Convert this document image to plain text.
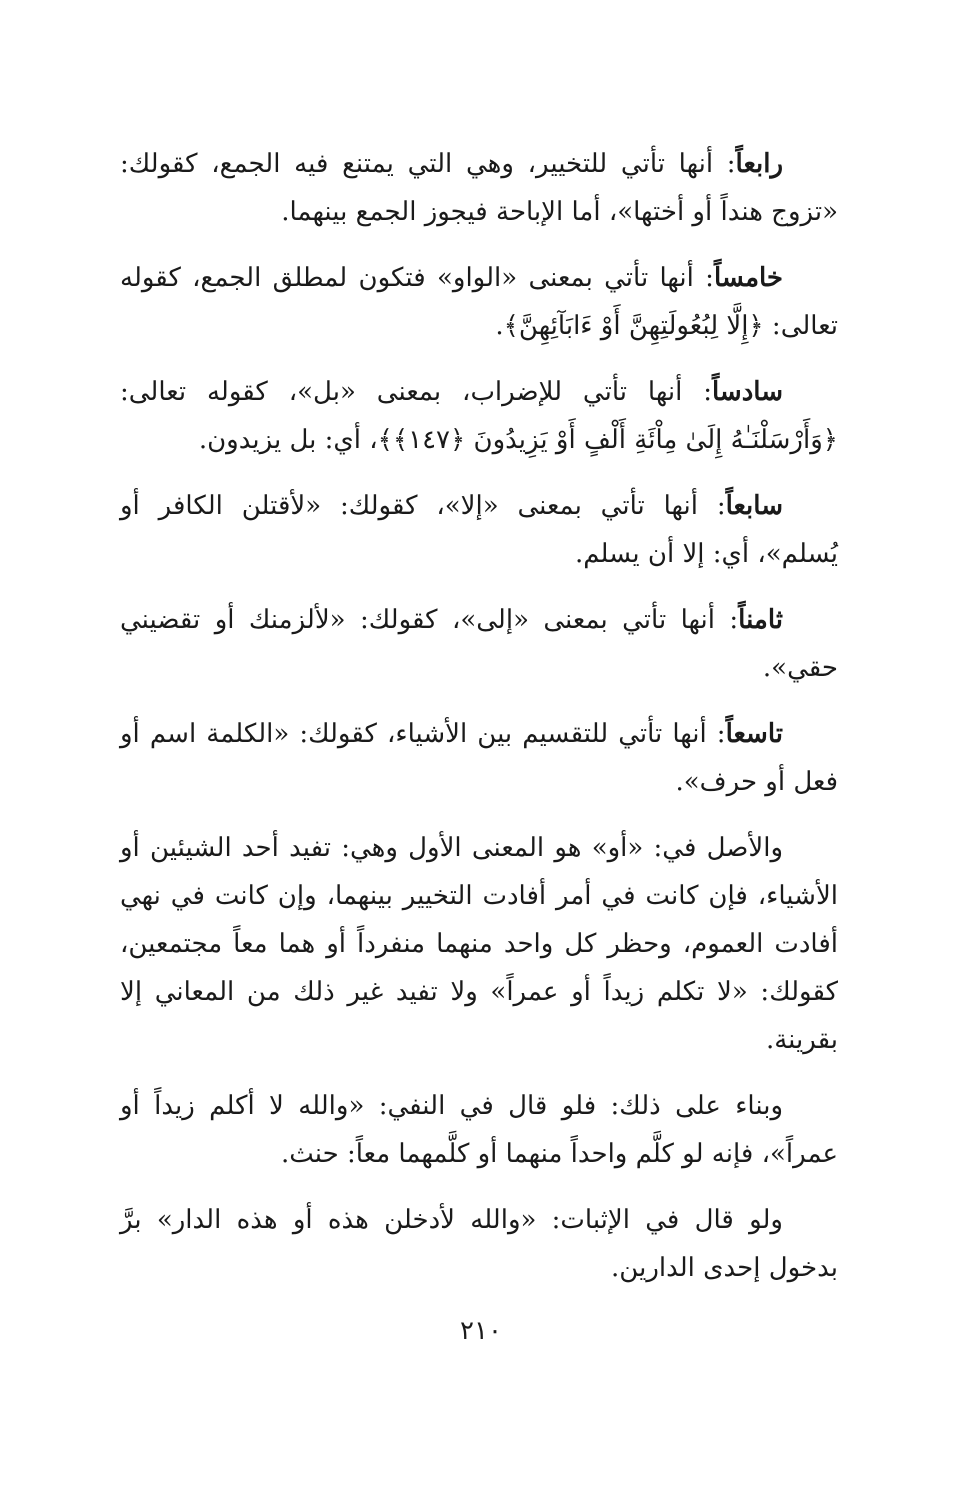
رابعاً: أنها تأتي للتخيير، وهي التي يمتنع فيه الجمع، كقولك: «تزوج هنداً أو أختها»، أما الإباحة فيجوز الجمع بينهما.

خامساً: أنها تأتي بمعنى «الواو» فتكون لمطلق الجمع، كقوله تعالى: ﴿إِلَّا لِبُعُولَتِهِنَّ أَوْ ءَابَآئِهِنَّ﴾.

سادساً: أنها تأتي للإضراب، بمعنى «بل»، كقوله تعالى: ﴿وَأَرْسَلْنَـٰهُ إِلَىٰ مِاْئَةِ أَلْفٍ أَوْ يَزِيدُونَ ﴿١٤٧﴾﴾، أي: بل يزيدون.

سابعاً: أنها تأتي بمعنى «إلا»، كقولك: «لأقتلن الكافر أو يُسلم»، أي: إلا أن يسلم.

ثامناً: أنها تأتي بمعنى «إلى»، كقولك: «لألزمنك أو تقضيني حقي».

تاسعاً: أنها تأتي للتقسيم بين الأشياء، كقولك: «الكلمة اسم أو فعل أو حرف».

والأصل في: «أو» هو المعنى الأول وهي: تفيد أحد الشيئين أو الأشياء، فإن كانت في أمر أفادت التخيير بينهما، وإن كانت في نهي أفادت العموم، وحظر كل واحد منهما منفرداً أو هما معاً مجتمعين، كقولك: «لا تكلم زيداً أو عمراً» ولا تفيد غير ذلك من المعاني إلا بقرينة.

وبناء على ذلك: فلو قال في النفي: «والله لا أكلم زيداً أو عمراً»، فإنه لو كلَّم واحداً منهما أو كلَّمهما معاً: حنث.

ولو قال في الإثبات: «والله لأدخلن هذه أو هذه الدار» برَّ بدخول إحدى الدارين.

٢١٠
